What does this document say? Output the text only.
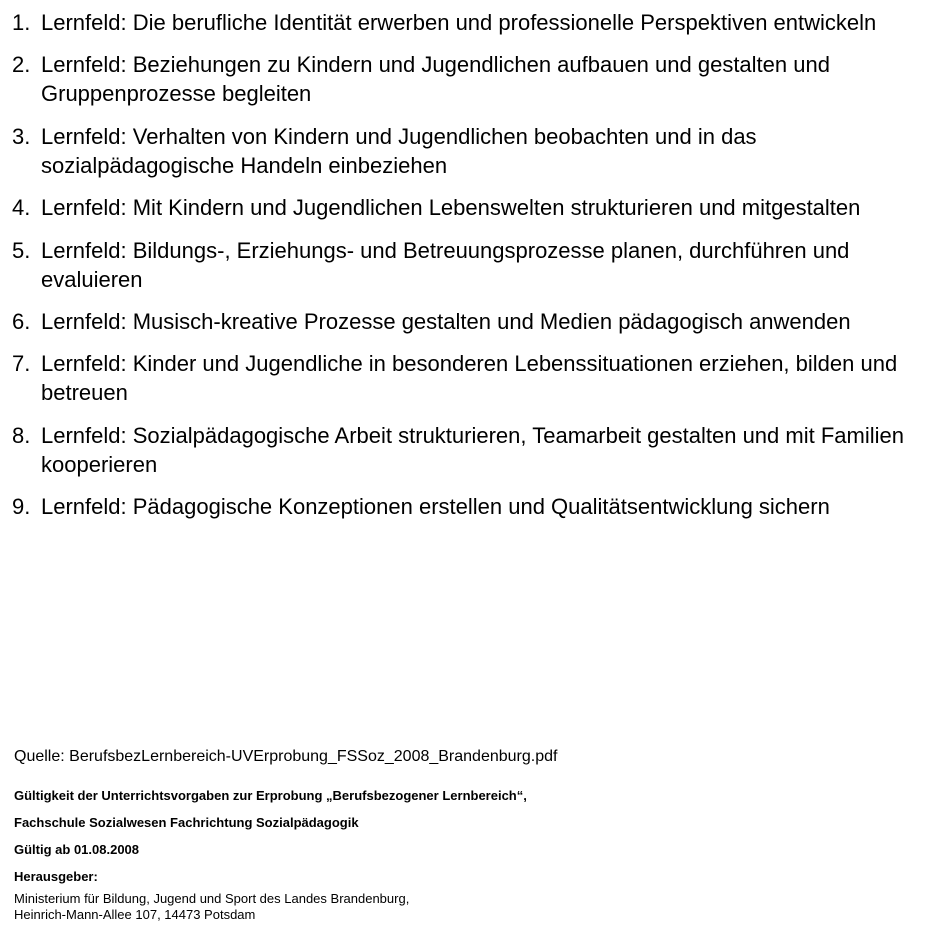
1. Lernfeld: Die berufliche Identität erwerben und professionelle Perspektiven entwickeln
2. Lernfeld: Beziehungen zu Kindern und Jugendlichen aufbauen und gestalten und Gruppenprozesse begleiten
3. Lernfeld: Verhalten von Kindern und Jugendlichen beobachten und in das sozialpädagogische Handeln einbeziehen
4. Lernfeld: Mit Kindern und Jugendlichen Lebenswelten strukturieren und mitgestalten
5. Lernfeld: Bildungs-, Erziehungs- und Betreuungsprozesse planen, durchführen und evaluieren
6. Lernfeld: Musisch-kreative Prozesse gestalten und Medien pädagogisch anwenden
7. Lernfeld: Kinder und Jugendliche in besonderen Lebenssituationen erziehen, bilden und betreuen
8. Lernfeld: Sozialpädagogische Arbeit strukturieren, Teamarbeit gestalten und mit Familien kooperieren
9. Lernfeld: Pädagogische Konzeptionen erstellen und Qualitätsentwicklung sichern

Quelle: BerufsbezLernbereich-UVErprobung_FSSoz_2008_Brandenburg.pdf

Gültigkeit der Unterrichtsvorgaben zur Erprobung „Berufsbezogener Lernbereich“,

Fachschule Sozialwesen Fachrichtung Sozialpädagogik

Gültig ab 01.08.2008

Herausgeber:

Ministerium für Bildung, Jugend und Sport des Landes Brandenburg,
Heinrich-Mann-Allee 107, 14473 Potsdam
